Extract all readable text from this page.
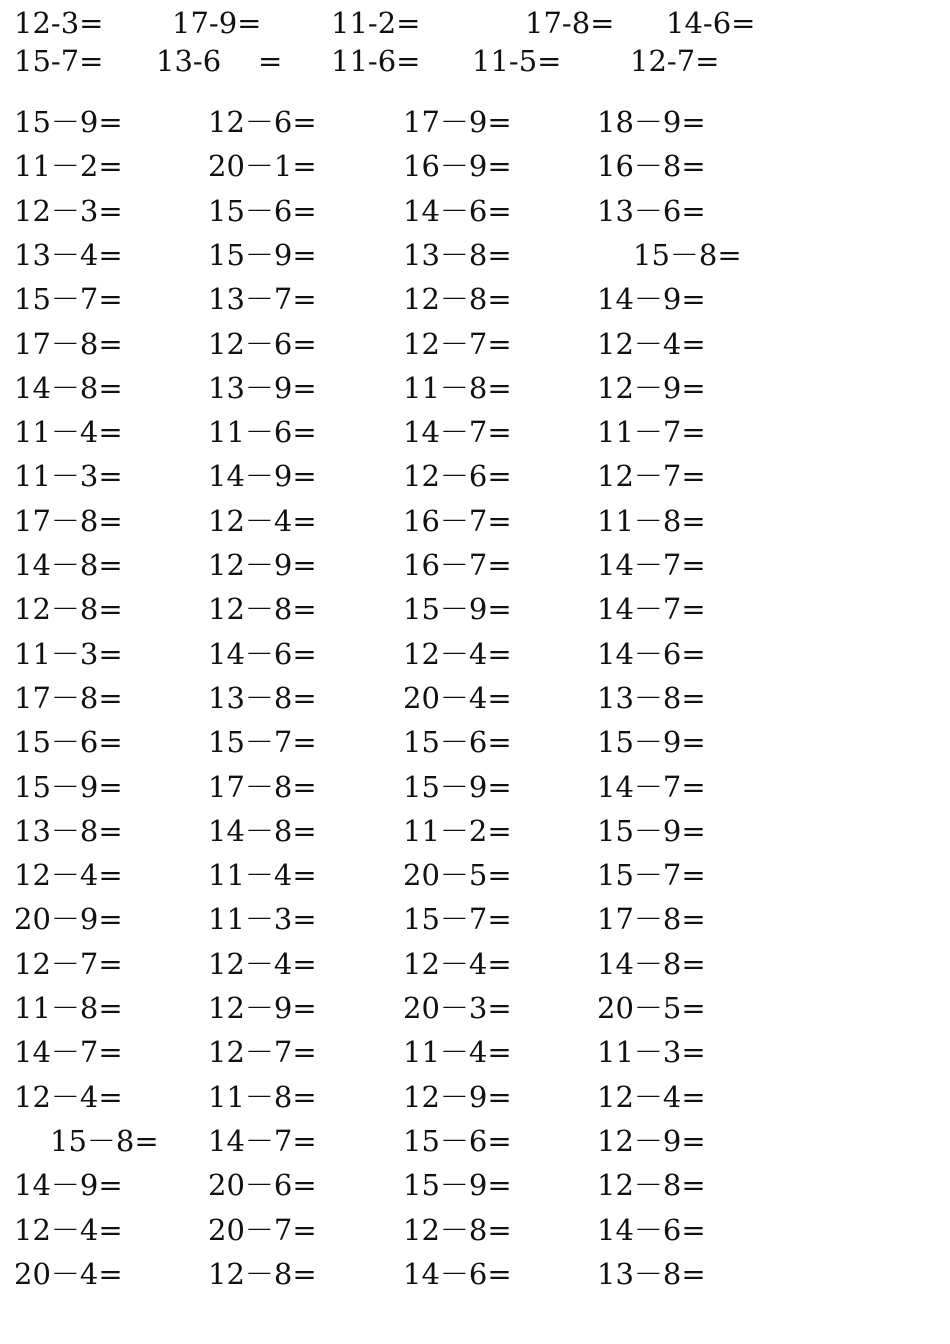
12-3= 17-9= 11-2=	17-8= 14-6=
15-7= 13-6    = 11-6= 11-5= 12-7=
15－9=	12－6=	17－9=	18－9=
11－2=	20－1=	16－9=	16－8=
12－3=	15－6=	14－6=	13－6=
13－4=	15－9=	13－8=	15－8=
15－7=	13－7=	12－8=	14－9=
17－8=	12－6=	12－7=	12－4=
14－8=	13－9=	11－8=	12－9=
11－4=	11－6=	14－7=	11－7=
11－3=	14－9=	12－6=	12－7=
17－8=	12－4=	16－7=	11－8=
14－8=	12－9=	16－7=	14－7=
12－8=	12－8=	15－9=	14－7=
11－3=	14－6=	12－4=	14－6=
17－8=	13－8=	20－4=	13－8=
15－6=	15－7=	15－6=	15－9=
15－9=	17－8=	15－9=	14－7=
13－8=	14－8=	11－2=	15－9=
12－4=	11－4=	20－5=	15－7=
20－9=	11－3=	15－7=	17－8=
12－7=	12－4=	12－4=	14－8=
11－8=	12－9=	20－3=	20－5=
14－7=	12－7=	11－4=	11－3=
12－4=	11－8=	12－9=	12－4=
15－8= 14－7=	15－6=	12－9=
14－9=	20－6=	15－9=	12－8=
12－4=	20－7=	12－8=	14－6=
20－4=	12－8=	14－6=	13－8=
